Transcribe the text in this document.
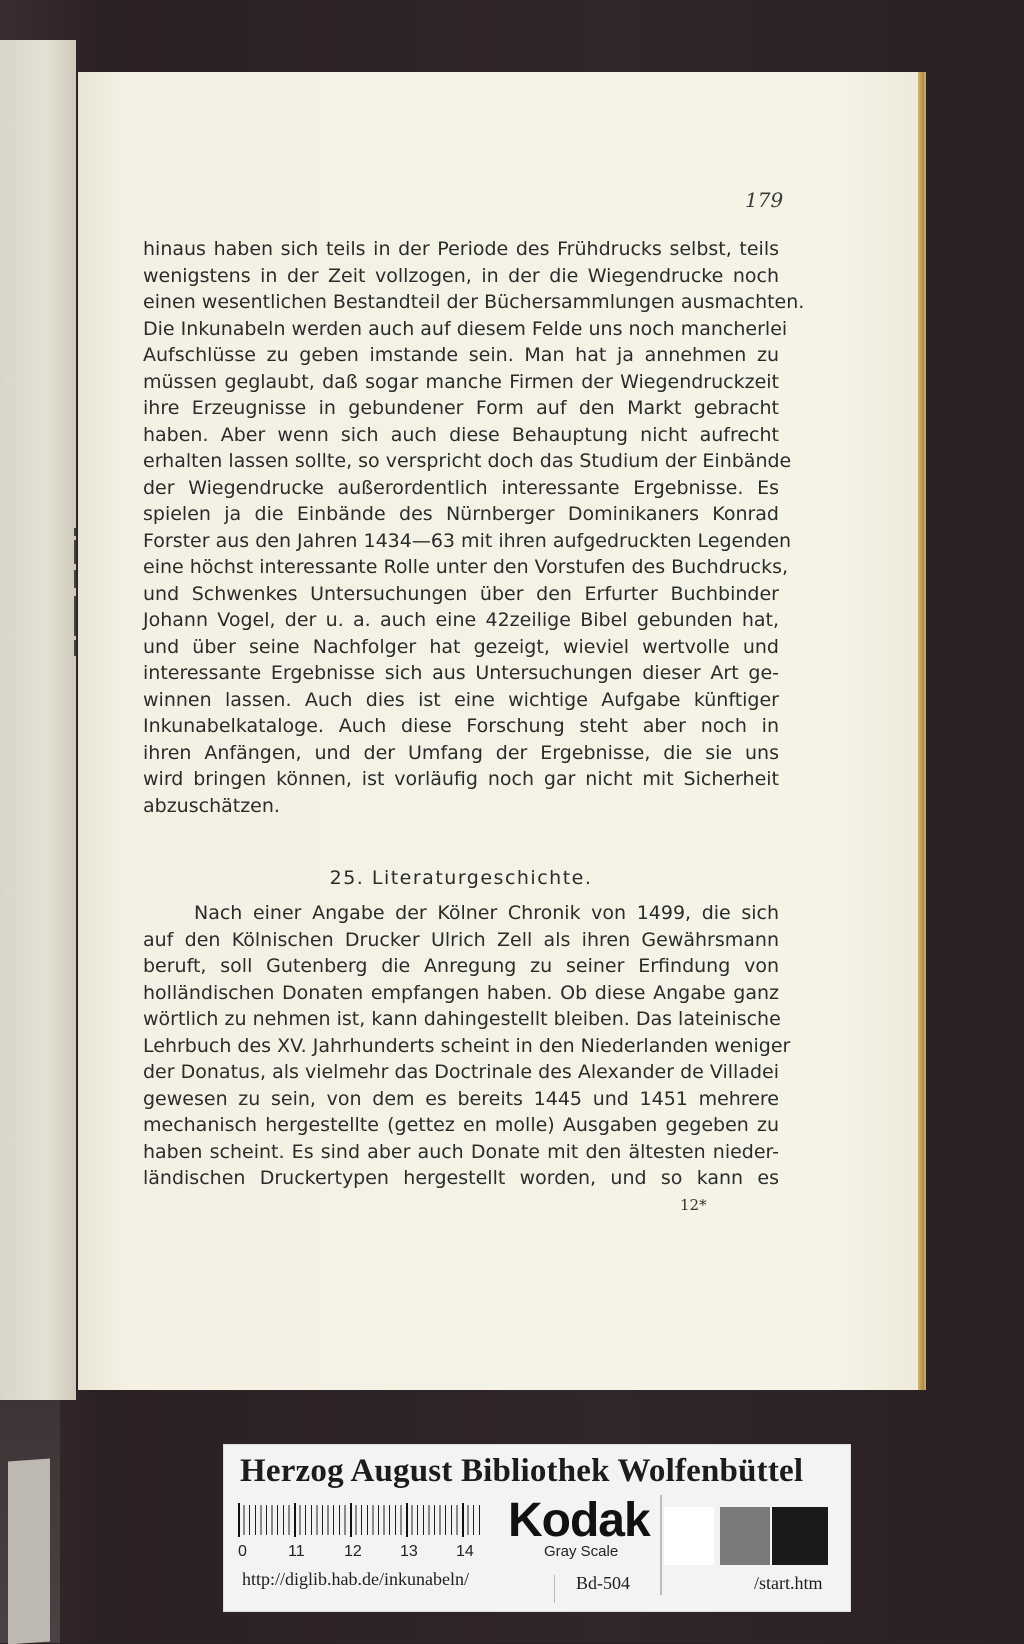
179
hinaus haben sich teils in der Periode des Frühdrucks selbst, teils
wenigstens in der Zeit vollzogen, in der die Wiegendrucke noch
einen wesentlichen Bestandteil der Büchersammlungen ausmachten.
Die Inkunabeln werden auch auf diesem Felde uns noch mancherlei
Aufschlüsse zu geben imstande sein. Man hat ja annehmen zu
müssen geglaubt, daß sogar manche Firmen der Wiegendruckzeit
ihre Erzeugnisse in gebundener Form auf den Markt gebracht
haben. Aber wenn sich auch diese Behauptung nicht aufrecht
erhalten lassen sollte, so verspricht doch das Studium der Einbände
der Wiegendrucke außerordentlich interessante Ergebnisse. Es
spielen ja die Einbände des Nürnberger Dominikaners Konrad
Forster aus den Jahren 1434—63 mit ihren aufgedruckten Legenden
eine höchst interessante Rolle unter den Vorstufen des Buchdrucks,
und Schwenkes Untersuchungen über den Erfurter Buchbinder
Johann Vogel, der u. a. auch eine 42zeilige Bibel gebunden hat,
und über seine Nachfolger hat gezeigt, wieviel wertvolle und
interessante Ergebnisse sich aus Untersuchungen dieser Art ge-
winnen lassen. Auch dies ist eine wichtige Aufgabe künftiger
Inkunabelkataloge. Auch diese Forschung steht aber noch in
ihren Anfängen, und der Umfang der Ergebnisse, die sie uns
wird bringen können, ist vorläufig noch gar nicht mit Sicherheit
abzuschätzen.
25. Literaturgeschichte.
Nach einer Angabe der Kölner Chronik von 1499, die sich
auf den Kölnischen Drucker Ulrich Zell als ihren Gewährsmann
beruft, soll Gutenberg die Anregung zu seiner Erfindung von
holländischen Donaten empfangen haben. Ob diese Angabe ganz
wörtlich zu nehmen ist, kann dahingestellt bleiben. Das lateinische
Lehrbuch des XV. Jahrhunderts scheint in den Niederlanden weniger
der Donatus, als vielmehr das Doctrinale des Alexander de Villadei
gewesen zu sein, von dem es bereits 1445 und 1451 mehrere
mechanisch hergestellte (gettez en molle) Ausgaben gegeben zu
haben scheint. Es sind aber auch Donate mit den ältesten nieder-
ländischen Druckertypen hergestellt worden, und so kann es
12*
Herzog August Bibliothek Wolfenbüttel
0	11 12 13 14
Kodak
Gray Scale
http://diglib.hab.de/inkunabeln/	Bd-504	/start.htm
